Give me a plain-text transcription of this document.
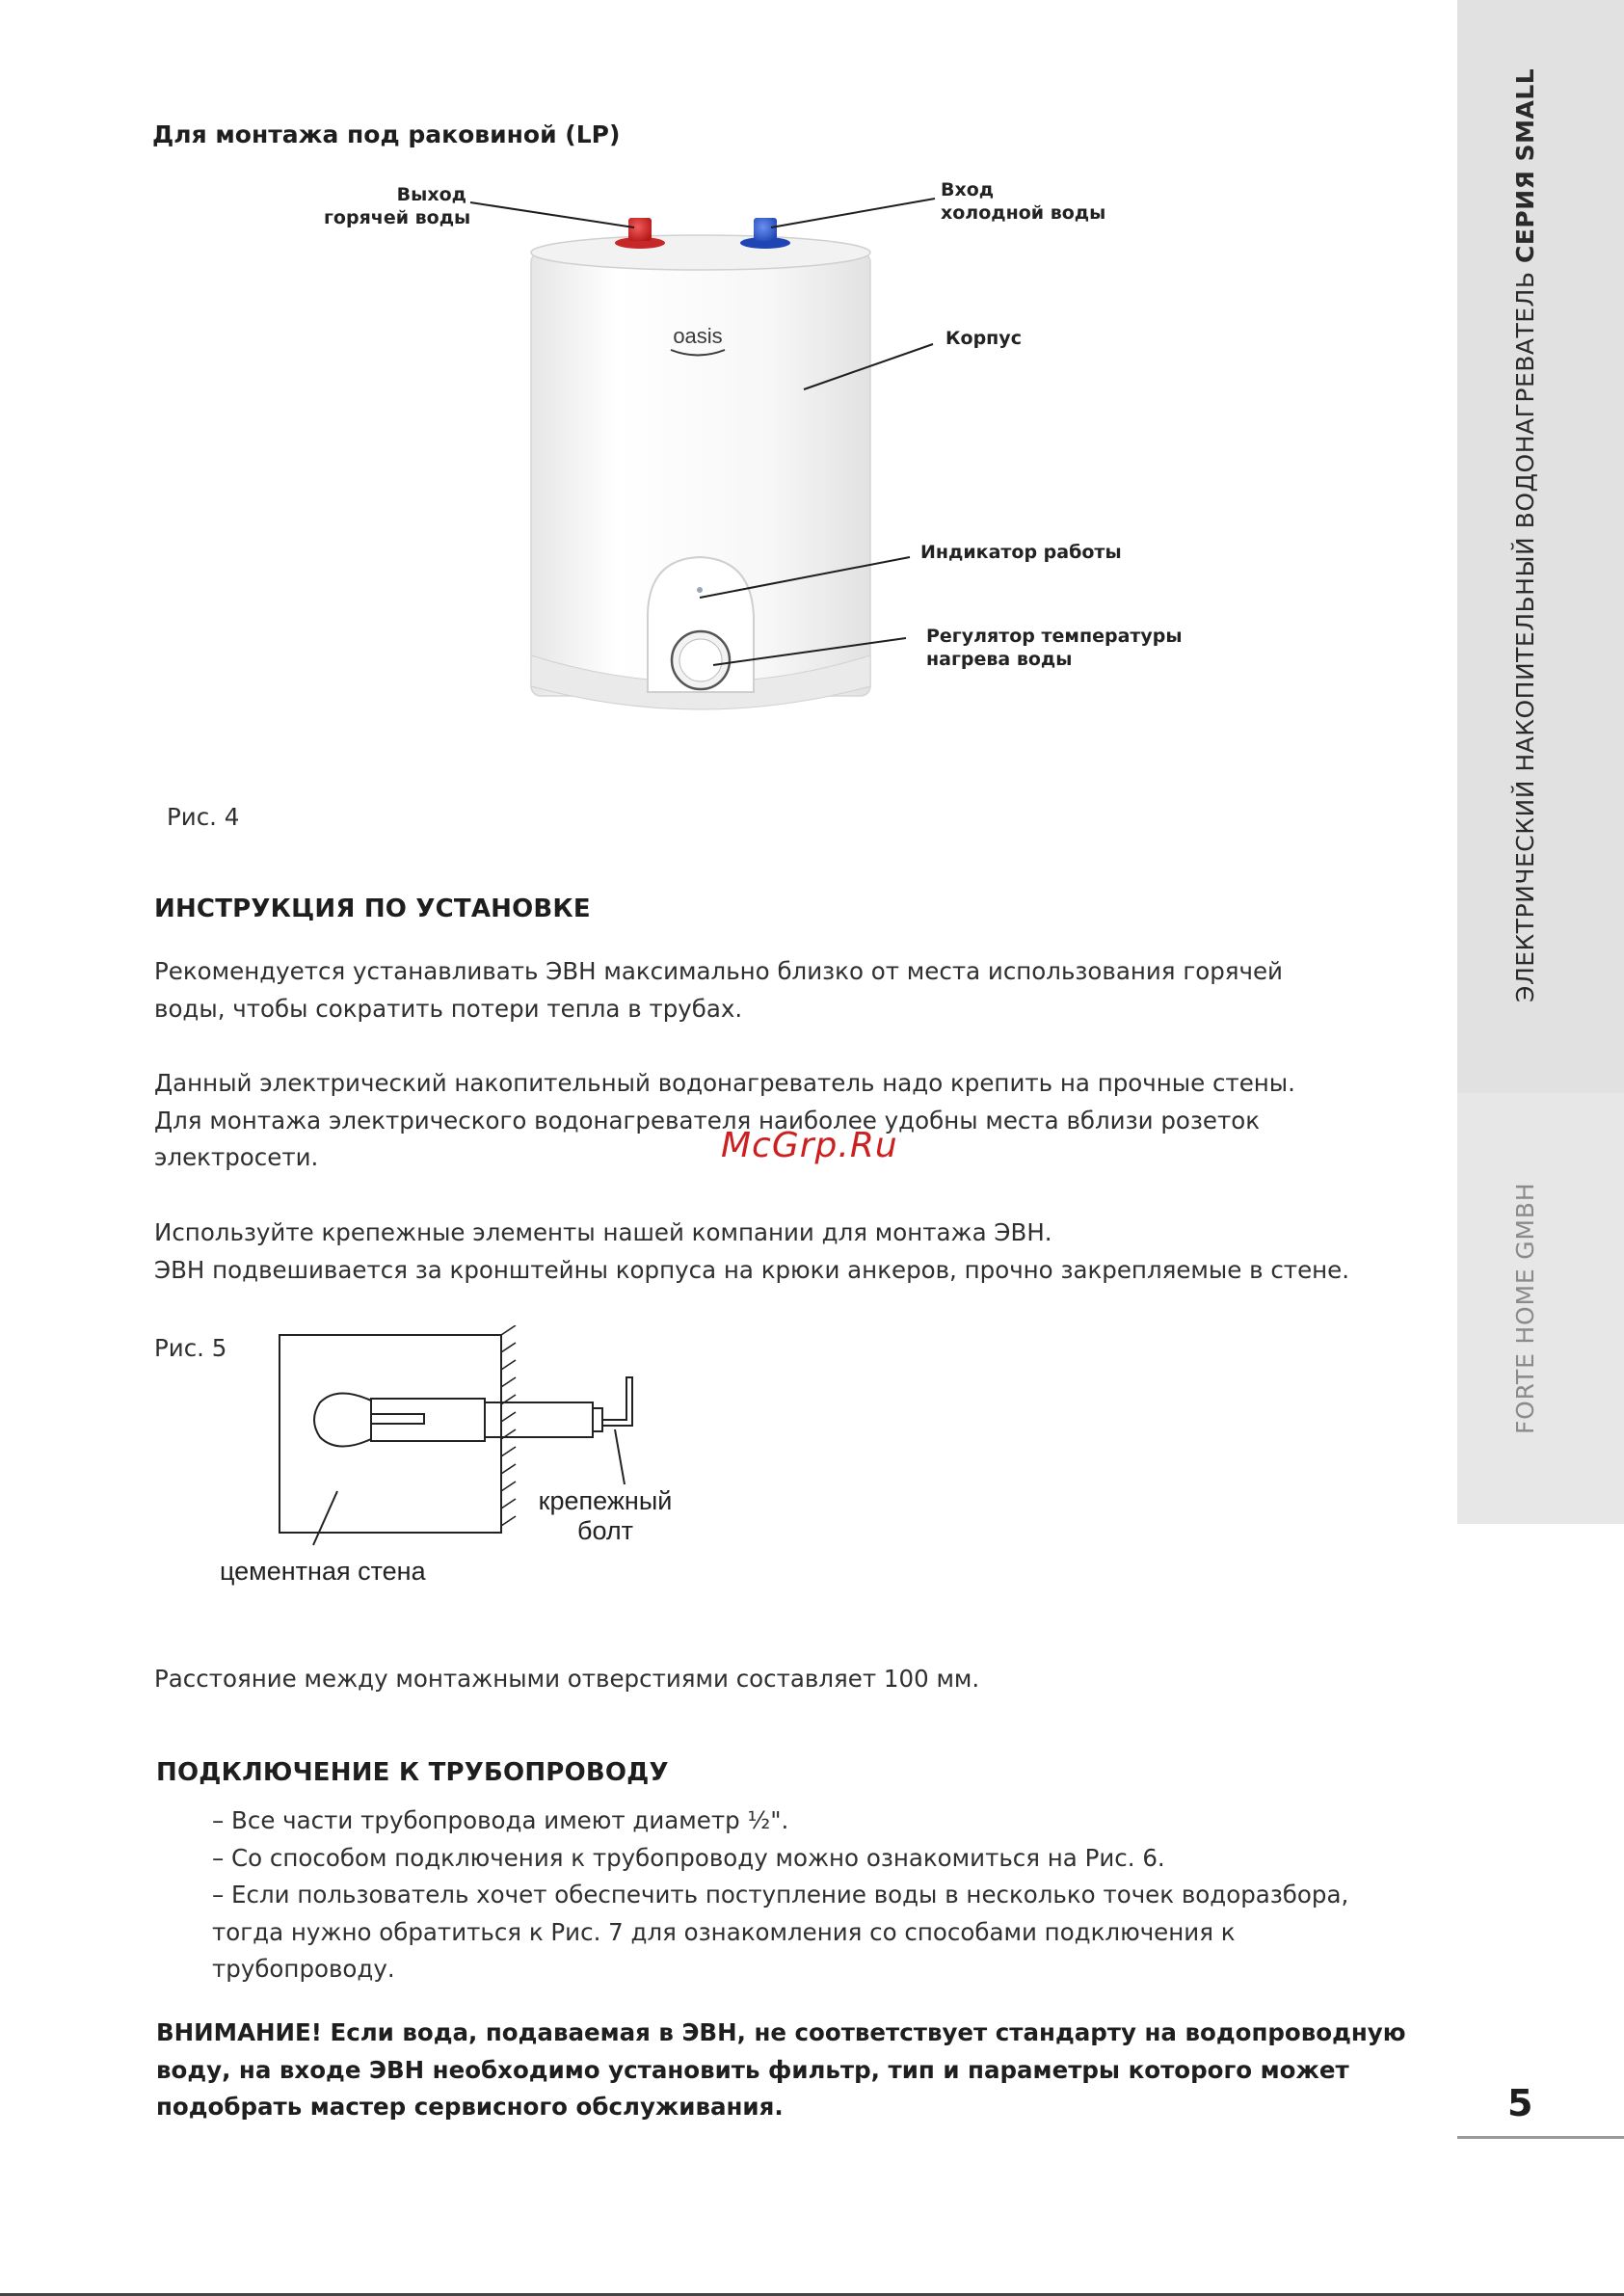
ЭЛЕКТРИЧЕСКИЙ НАКОПИТЕЛЬНЫЙ ВОДОНАГРЕВАТЕЛЬ СЕРИЯ SMALL
FORTE HOME GMBH
5
Для монтажа под раковиной (LP)
oasis
Выход
горячей воды
Вход
холодной воды
Корпус
Индикатор работы
Регулятор температуры
нагрева воды
Рис. 4
ИНСТРУКЦИЯ ПО УСТАНОВКЕ
Рекомендуется устанавливать ЭВН максимально близко от места использования горячей
воды, чтобы сократить потери тепла в трубах.
Данный электрический накопительный водонагреватель надо крепить на прочные стены.
Для монтажа электрического водонагревателя наиболее удобны места вблизи розеток
электросети.	McGrp.Ru
Используйте крепежные элементы нашей компании для монтажа ЭВН.
ЭВН подвешивается за кронштейны корпуса на крюки анкеров, прочно закрепляемые в стене.
Рис. 5
крепежный
болт
цементная стена
Расстояние между монтажными отверстиями составляет 100 мм.
ПОДКЛЮЧЕНИЕ К ТРУБОПРОВОДУ
– Все части трубопровода имеют диаметр ½".
– Со способом подключения к трубопроводу можно ознакомиться на Рис. 6.
– Если пользователь хочет обеспечить поступление воды в несколько точек водоразбора,
тогда нужно обратиться к Рис. 7 для ознакомления со способами подключения к
трубопроводу.
ВНИМАНИЕ! Если вода, подаваемая в ЭВН, не соответствует стандарту на водопроводную
воду, на входе ЭВН необходимо установить фильтр, тип и параметры которого может
подобрать мастер сервисного обслуживания.
